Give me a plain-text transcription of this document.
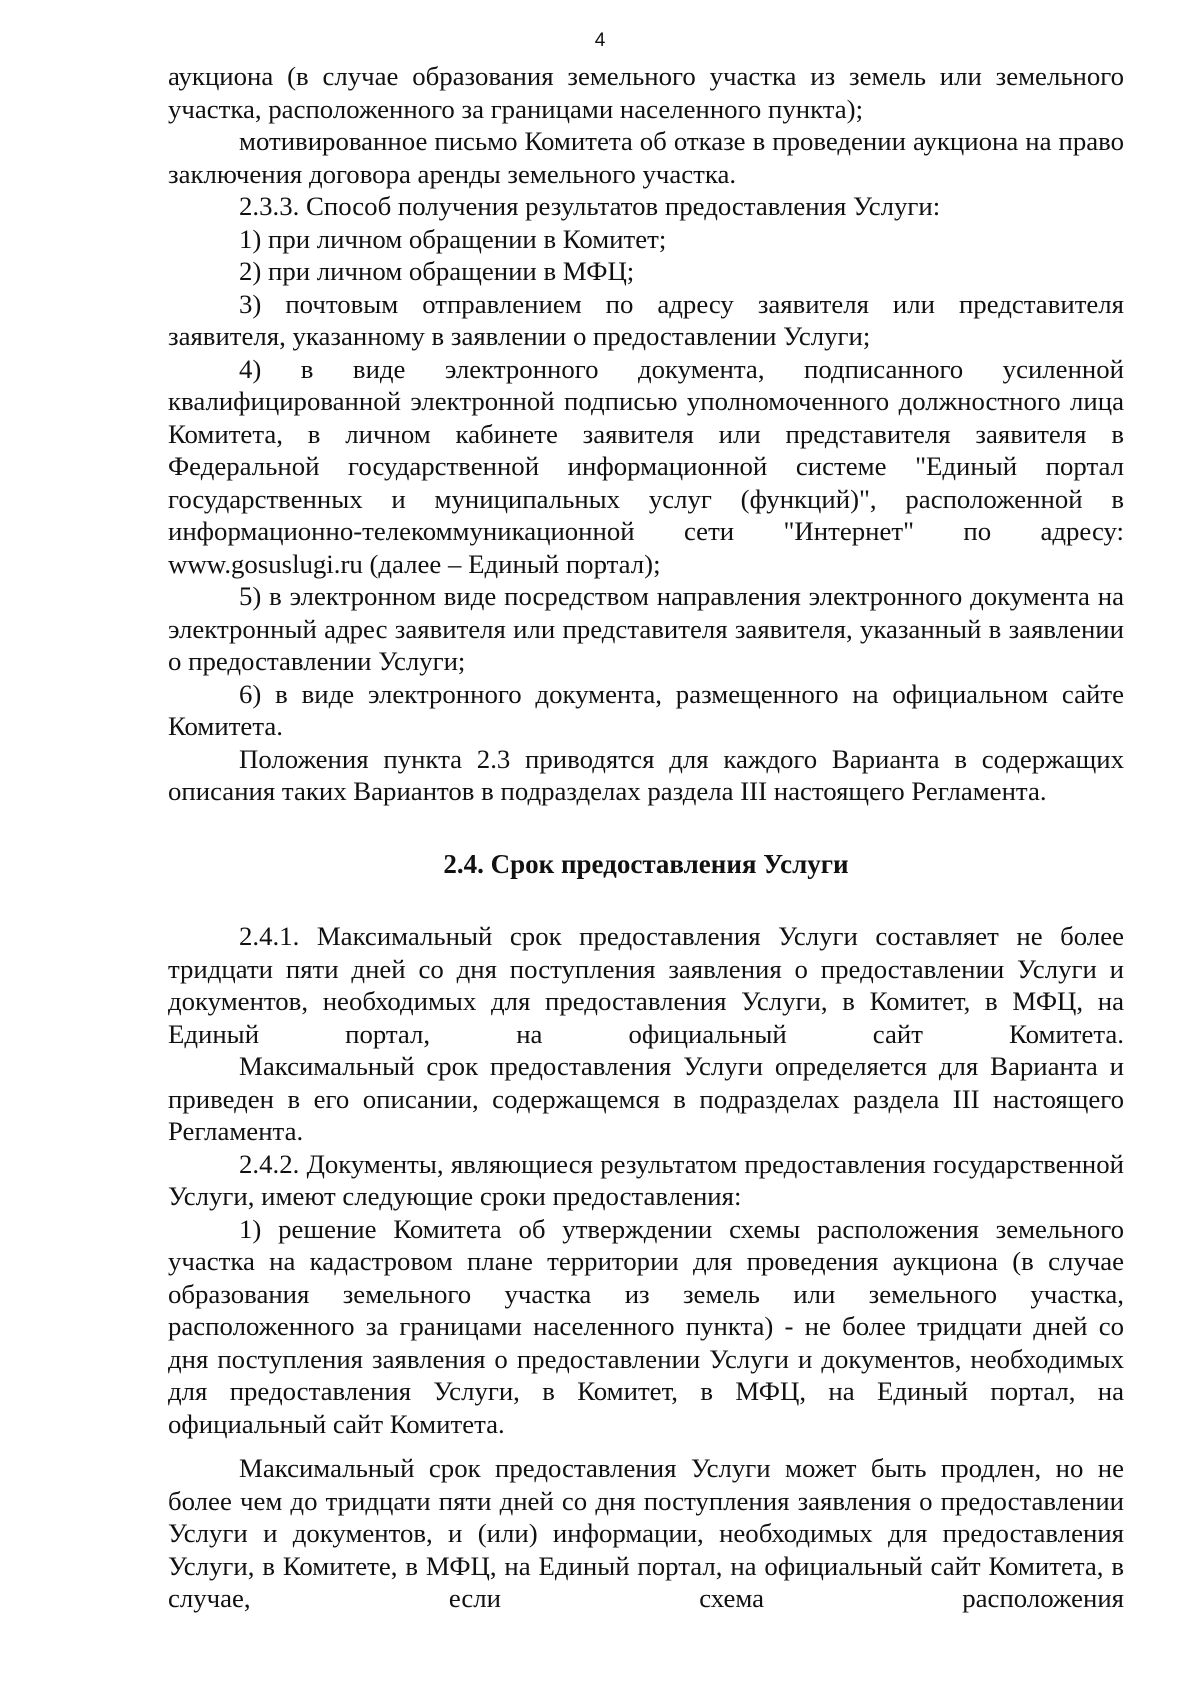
4

аукциона (в случае образования земельного участка из земель или земельного участка, расположенного за границами населенного пункта);

мотивированное письмо Комитета об отказе в проведении аукциона на право заключения договора аренды земельного участка.

2.3.3. Способ получения результатов предоставления Услуги:

1) при личном обращении в Комитет;

2) при личном обращении в МФЦ;

3) почтовым отправлением по адресу заявителя или представителя заявителя, указанному в заявлении о предоставлении Услуги;

4) в виде электронного документа, подписанного усиленной квалифицированной электронной подписью уполномоченного должностного лица Комитета, в личном кабинете заявителя или представителя заявителя в Федеральной государственной информационной системе "Единый портал государственных и муниципальных услуг (функций)", расположенной в информационно-телекоммуникационной сети "Интернет" по адресу: www.gosuslugi.ru (далее – Единый портал);

5) в электронном виде посредством направления электронного документа на электронный адрес заявителя или представителя заявителя, указанный в заявлении о предоставлении Услуги;

6) в виде электронного документа, размещенного на официальном сайте Комитета.

Положения пункта 2.3 приводятся для каждого Варианта в содержащих описания таких Вариантов в подразделах раздела III настоящего Регламента.

2.4. Срок предоставления Услуги

2.4.1. Максимальный срок предоставления Услуги составляет не более тридцати пяти дней со дня поступления заявления о предоставлении Услуги и документов, необходимых для предоставления Услуги, в Комитет, в МФЦ, на Единый портал, на официальный сайт Комитета.

Максимальный срок предоставления Услуги определяется для Варианта и приведен в его описании, содержащемся в подразделах раздела III настоящего Регламента.

2.4.2. Документы, являющиеся результатом предоставления государственной Услуги, имеют следующие сроки предоставления:

1) решение Комитета об утверждении схемы расположения земельного участка на кадастровом плане территории для проведения аукциона (в случае образования земельного участка из земель или земельного участка, расположенного за границами населенного пункта) - не более тридцати дней со дня поступления заявления о предоставлении Услуги и документов, необходимых для предоставления Услуги, в Комитет, в МФЦ, на Единый портал, на официальный сайт Комитета.

Максимальный срок предоставления Услуги может быть продлен, но не более чем до тридцати пяти дней со дня поступления заявления о предоставлении Услуги и документов, и (или) информации, необходимых для предоставления Услуги, в Комитете, в МФЦ, на Единый портал, на официальный сайт Комитета, в случае, если схема расположения
